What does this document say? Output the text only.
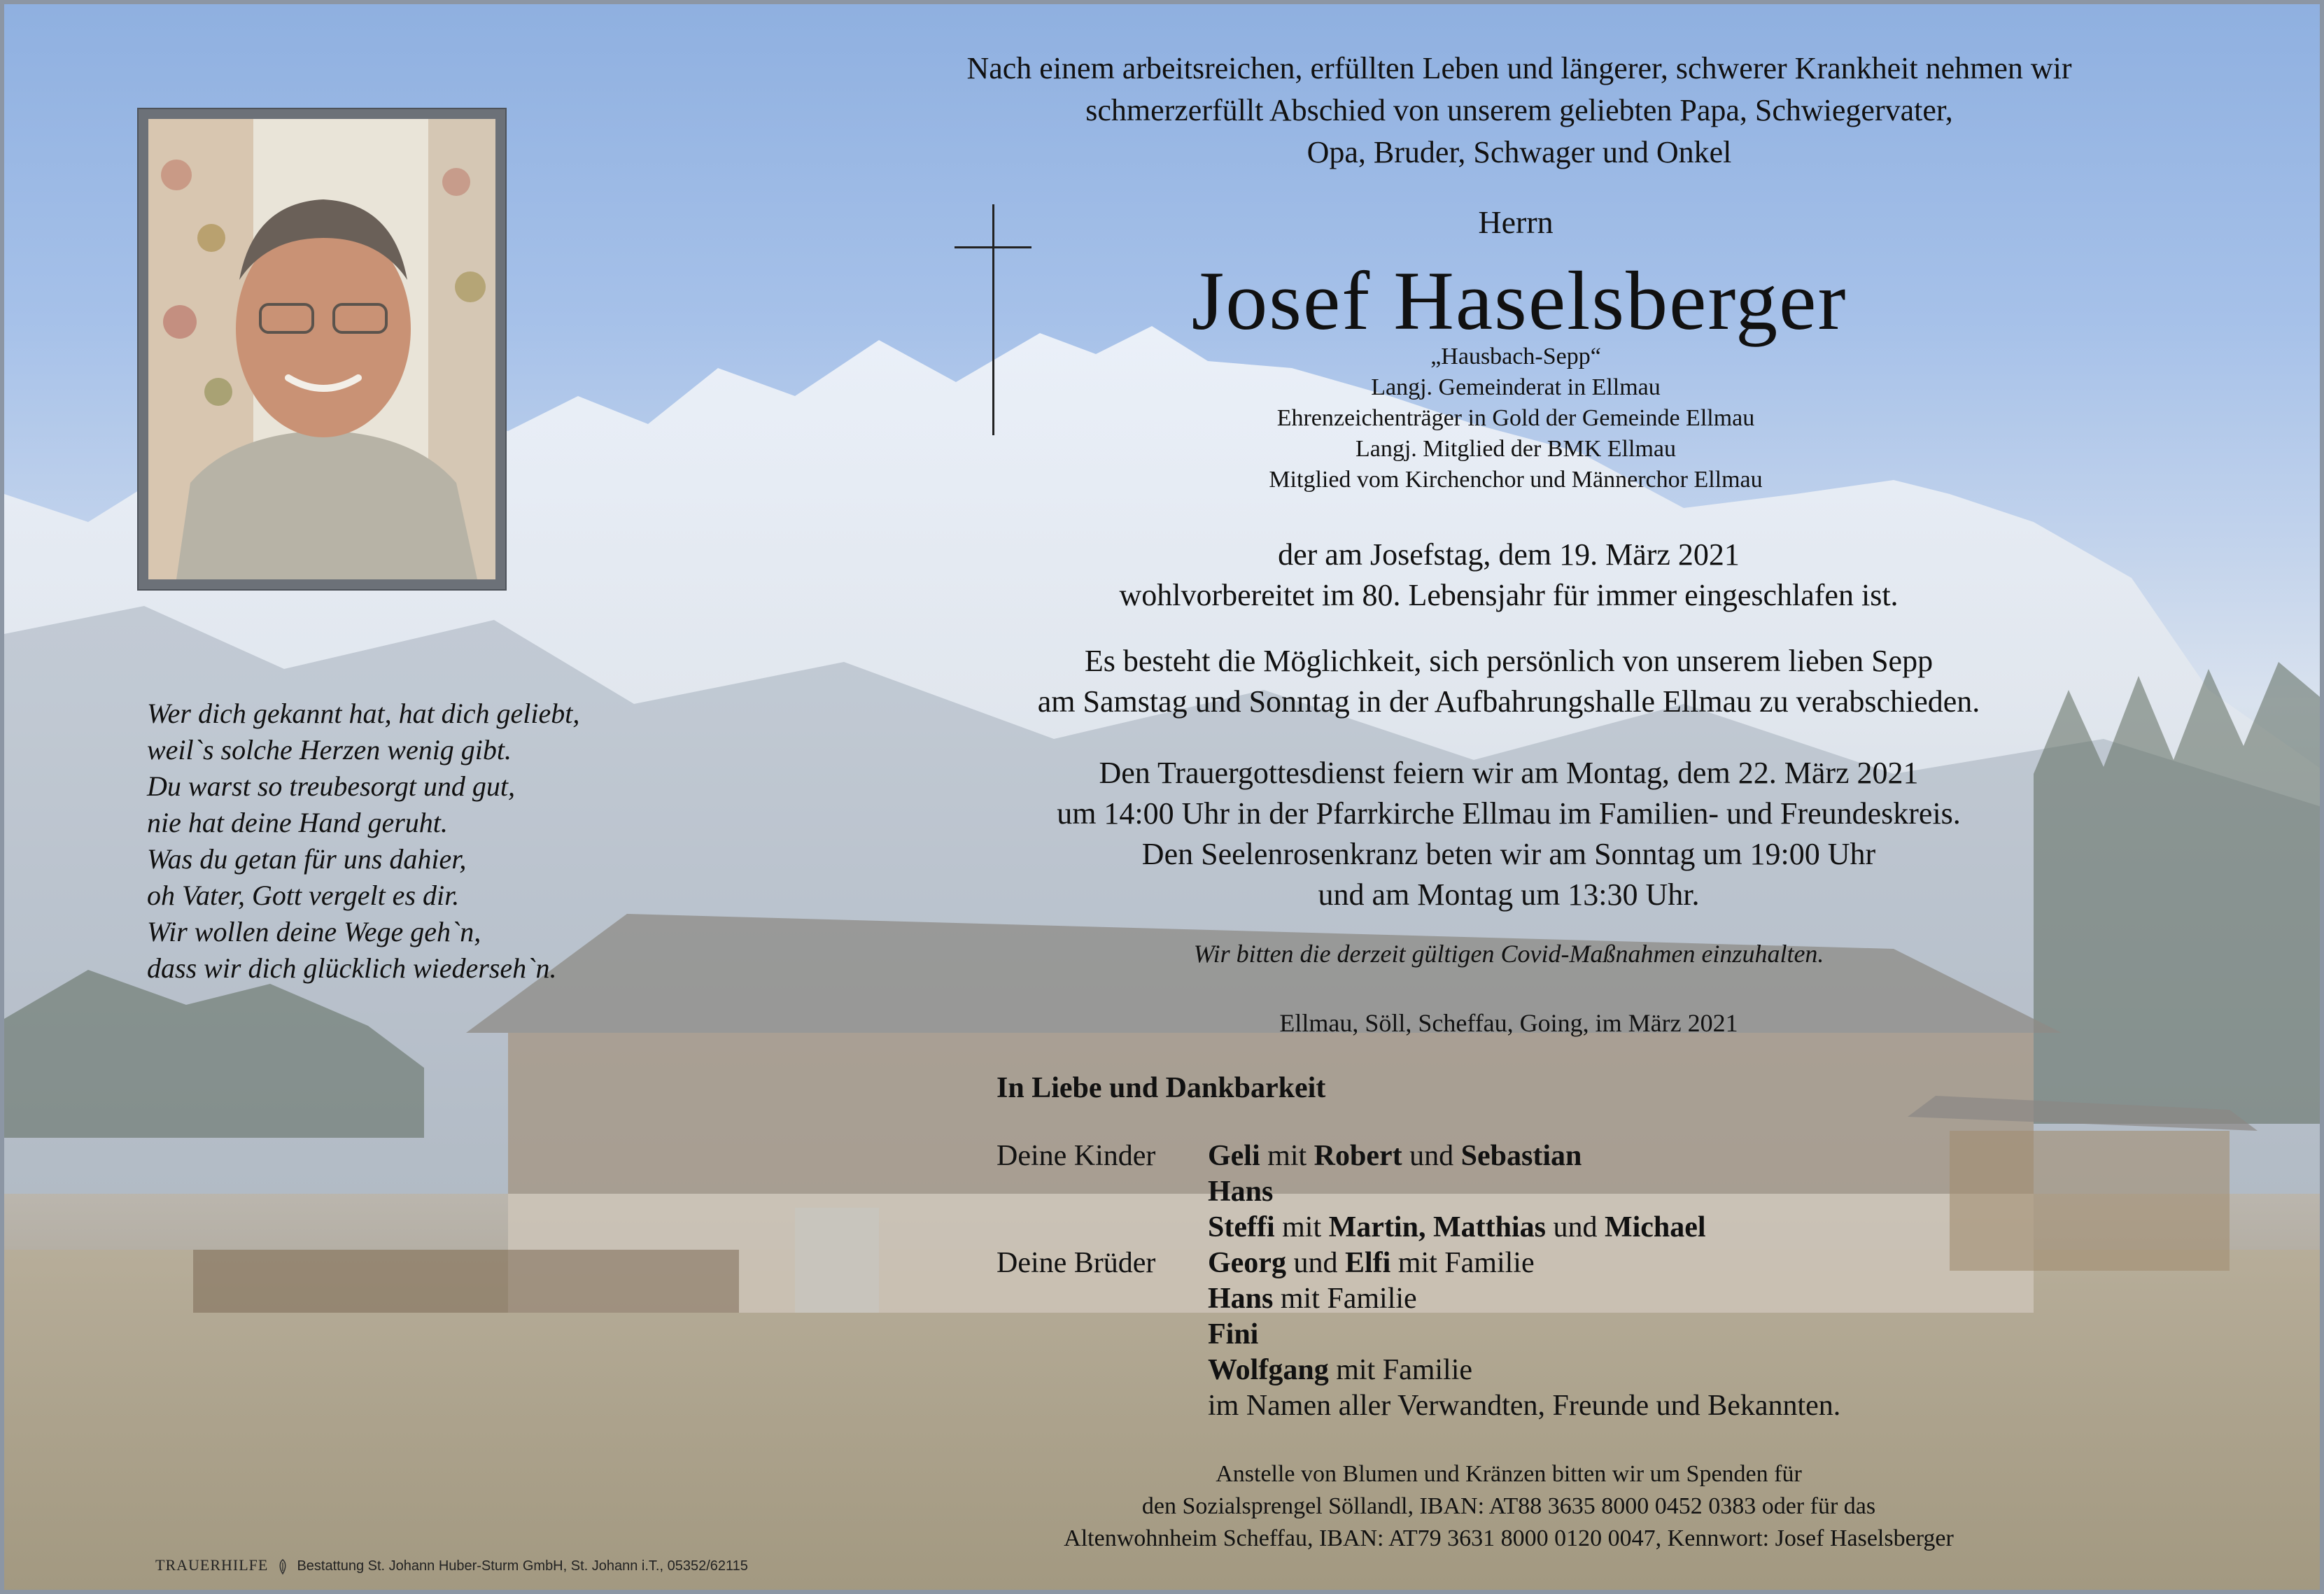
Nach einem arbeitsreichen, erfüllten Leben und längerer, schwerer Krankheit nehmen wir
schmerzerfüllt Abschied von unserem geliebten Papa, Schwiegervater,
Opa, Bruder, Schwager und Onkel
Herrn
Josef Haselsberger
„Hausbach-Sepp“
Langj. Gemeinderat in Ellmau
Ehrenzeichenträger in Gold der Gemeinde Ellmau
Langj. Mitglied der BMK Ellmau
Mitglied vom Kirchenchor und Männerchor Ellmau
der am Josefstag, dem 19. März 2021
wohlvorbereitet im 80. Lebensjahr für immer eingeschlafen ist.
Es besteht die Möglichkeit, sich persönlich von unserem lieben Sepp
am Samstag und Sonntag in der Aufbahrungshalle Ellmau zu verabschieden.
Den Trauergottesdienst feiern wir am Montag, dem 22. März 2021
um 14:00 Uhr in der Pfarrkirche Ellmau im Familien- und Freundeskreis.
Den Seelenrosenkranz beten wir am Sonntag um 19:00 Uhr
und am Montag um 13:30 Uhr.
Wir bitten die derzeit gültigen Covid-Maßnahmen einzuhalten.
Ellmau, Söll, Scheffau, Going, im März 2021
In Liebe und Dankbarkeit
Deine Kinder Geli mit Robert und Sebastian
Hans
Steffi mit Martin, Matthias und Michael
Deine Brüder Georg und Elfi mit Familie
Hans mit Familie
Fini
Wolfgang mit Familie
im Namen aller Verwandten, Freunde und Bekannten.
Anstelle von Blumen und Kränzen bitten wir um Spenden für
den Sozialsprengel Söllandl, IBAN: AT88 3635 8000 0452 0383 oder für das
Altenwohnheim Scheffau, IBAN: AT79 3631 8000 0120 0047, Kennwort: Josef Haselsberger
Wer dich gekannt hat, hat dich geliebt,
weil`s solche Herzen wenig gibt.
Du warst so treubesorgt und gut,
nie hat deine Hand geruht.
Was du getan für uns dahier,
oh Vater, Gott vergelt es dir.
Wir wollen deine Wege geh`n,
dass wir dich glücklich wiederseh`n.
TRAUERHILFE Bestattung St. Johann Huber-Sturm GmbH, St. Johann i.T., 05352/62115
